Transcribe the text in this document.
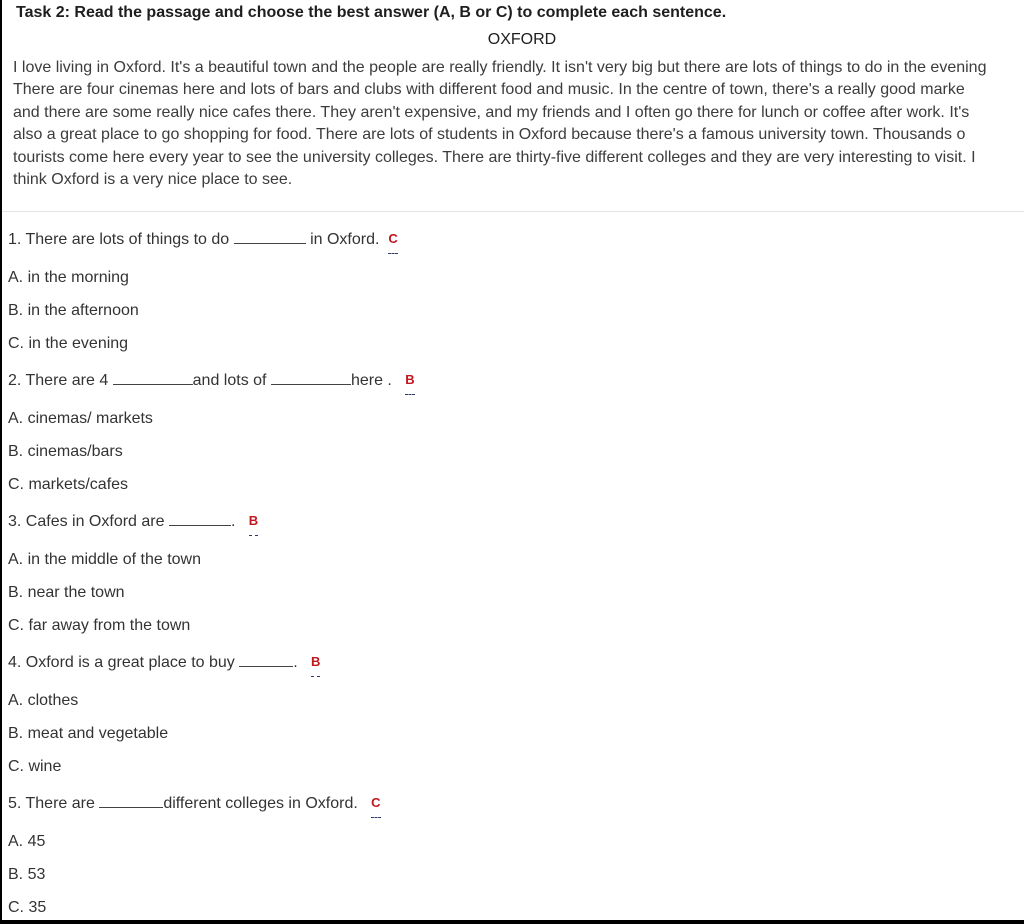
Task 2: Read the passage and choose the best answer (A, B or C) to complete each sentence.
OXFORD
I love living in Oxford. It's a beautiful town and the people are really friendly. It isn't very big but there are lots of things to do in the evening
There are four cinemas here and lots of bars and clubs with different food and music. In the centre of town, there's a really good marke
and there are some really nice cafes there. They aren't expensive, and my friends and I often go there for lunch or coffee after work. It's
also a great place to go shopping for food. There are lots of students in Oxford because there's a famous university town. Thousands o
tourists come here every year to see the university colleges. There are thirty-five different colleges and they are very interesting to visit. I
think Oxford is a very nice place to see.
1. There are lots of things to do	in Oxford. C
A. in the morning
B. in the afternoon
C. in the evening
2. There are 4	and lots of	here . B
A. cinemas/ markets
B. cinemas/bars
C. markets/cafes
3. Cafes in Oxford are	. B
A. in the middle of the town
B. near the town
C. far away from the town
4. Oxford is a great place to buy	. B
A. clothes
B. meat and vegetable
C. wine
5. There are	different colleges in Oxford. C
A. 45
B. 53
C. 35
